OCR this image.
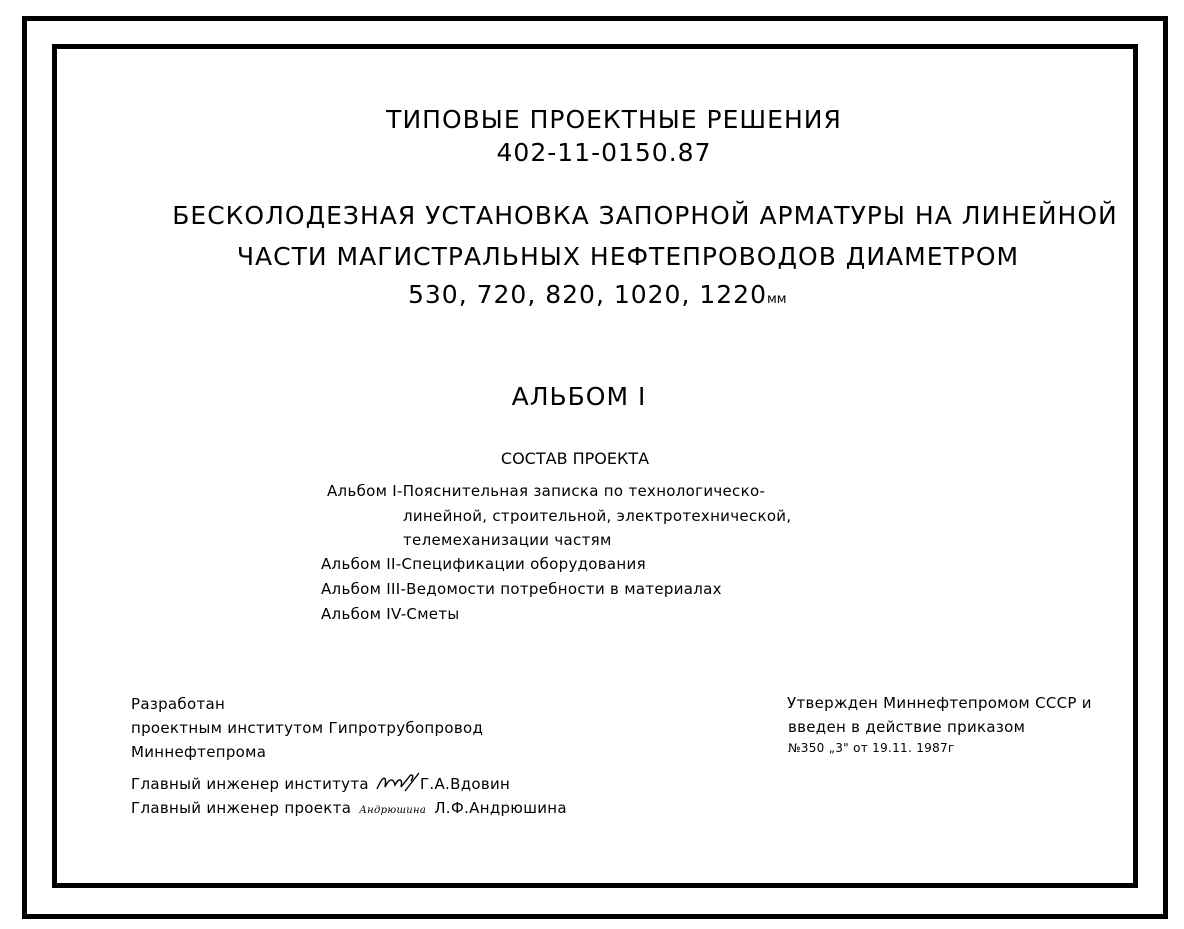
ТИПОВЫЕ ПРОЕКТНЫЕ РЕШЕНИЯ
402-11-0150.87
БЕСКОЛОДЕЗНАЯ УСТАНОВКА ЗАПОРНОЙ АРМАТУРЫ НА ЛИНЕЙНОЙ
ЧАСТИ МАГИСТРАЛЬНЫХ НЕФТЕПРОВОДОВ ДИАМЕТРОМ
530, 720, 820, 1020, 1220мм
АЛЬБОМ I
СОСТАВ ПРОЕКТА
Альбом I-Пояснительная записка по технологическо-
линейной, строительной, электротехнической,
телемеханизации частям
Альбом II-Спецификации оборудования
Альбом III-Ведомости потребности в материалах
Альбом IV-Сметы
Разработан
проектным институтом Гипротрубопровод
Миннефтепрома
Главный инженер института	Г.А.Вдовин
Главный инженер проекта Андрюшина Л.Ф.Андрюшина
Утвержден Миннефтепромом СССР и
введен в действие приказом
№350 „3" от 19.11. 1987г
